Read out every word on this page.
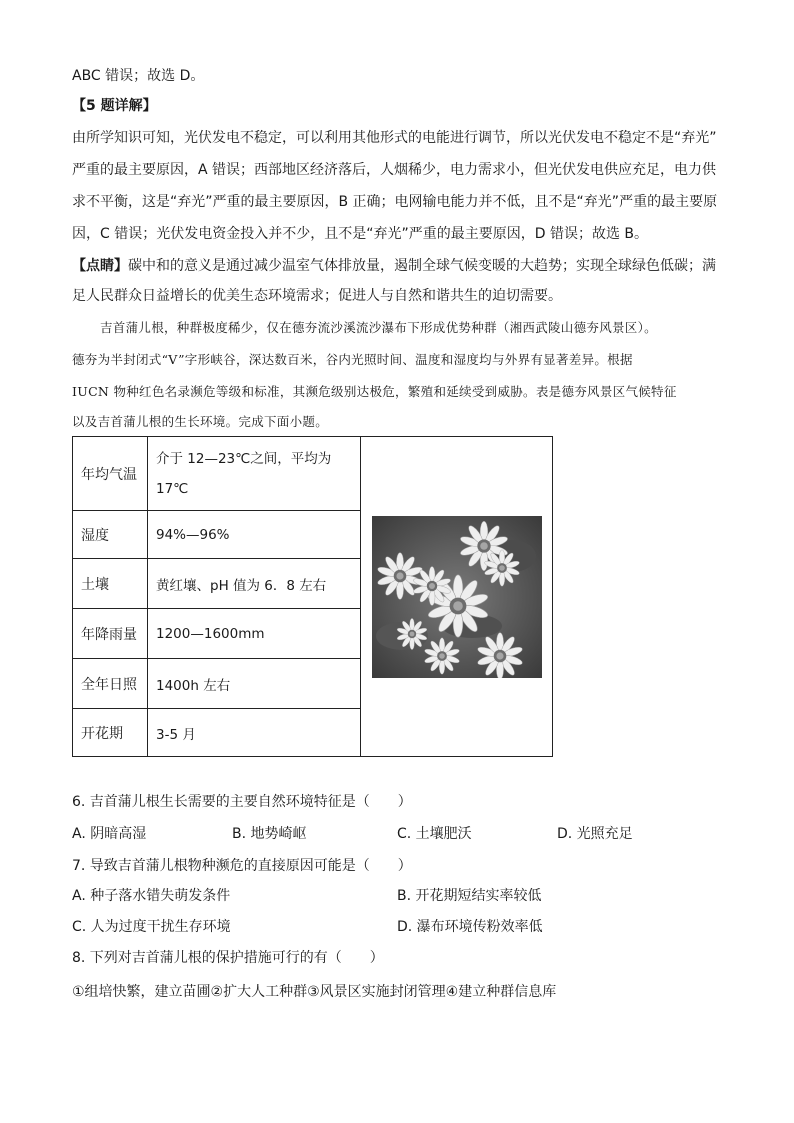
ABC 错误；故选 D。
【5 题详解】
由所学知识可知，光伏发电不稳定，可以利用其他形式的电能进行调节，所以光伏发电不稳定不是“弃光”
严重的最主要原因，A 错误；西部地区经济落后，人烟稀少，电力需求小，但光伏发电供应充足，电力供
求不平衡，这是“弃光”严重的最主要原因，B 正确；电网输电能力并不低，且不是“弃光”严重的最主要原
因，C 错误；光伏发电资金投入并不少，且不是“弃光”严重的最主要原因，D 错误；故选 B。
【点睛】碳中和的意义是通过减少温室气体排放量，遏制全球气候变暖的大趋势；实现全球绿色低碳；满
足人民群众日益增长的优美生态环境需求；促进人与自然和谐共生的迫切需要。
吉首蒲儿根，种群极度稀少，仅在德夯流沙溪流沙瀑布下形成优势种群（湘西武陵山德夯风景区）。
德夯为半封闭式“V”字形峡谷，深达数百米，谷内光照时间、温度和湿度均与外界有显著差异。根据
IUCN 物种红色名录濒危等级和标准，其濒危级别达极危，繁殖和延续受到威胁。表是德夯风景区气候特征
以及吉首蒲儿根的生长环境。完成下面小题。
年均气温	介于 12—23℃之间，平均为
17℃

湿度	94%—96%	
土壤	黄红壤、pH 值为 6．8 左右	
年降雨量	1200—1600mm	
全年日照	1400h 左右	
开花期	3-5 月	
6. 吉首蒲儿根生长需要的主要自然环境特征是（　　）
A. 阴暗高湿	B. 地势崎岖	C. 土壤肥沃	D. 光照充足
7. 导致吉首蒲儿根物种濒危的直接原因可能是（　　）
A. 种子落水错失萌发条件	B. 开花期短结实率较低
C. 人为过度干扰生存环境	D. 瀑布环境传粉效率低
8. 下列对吉首蒲儿根的保护措施可行的有（　　）
①组培快繁，建立苗圃②扩大人工种群③风景区实施封闭管理④建立种群信息库
